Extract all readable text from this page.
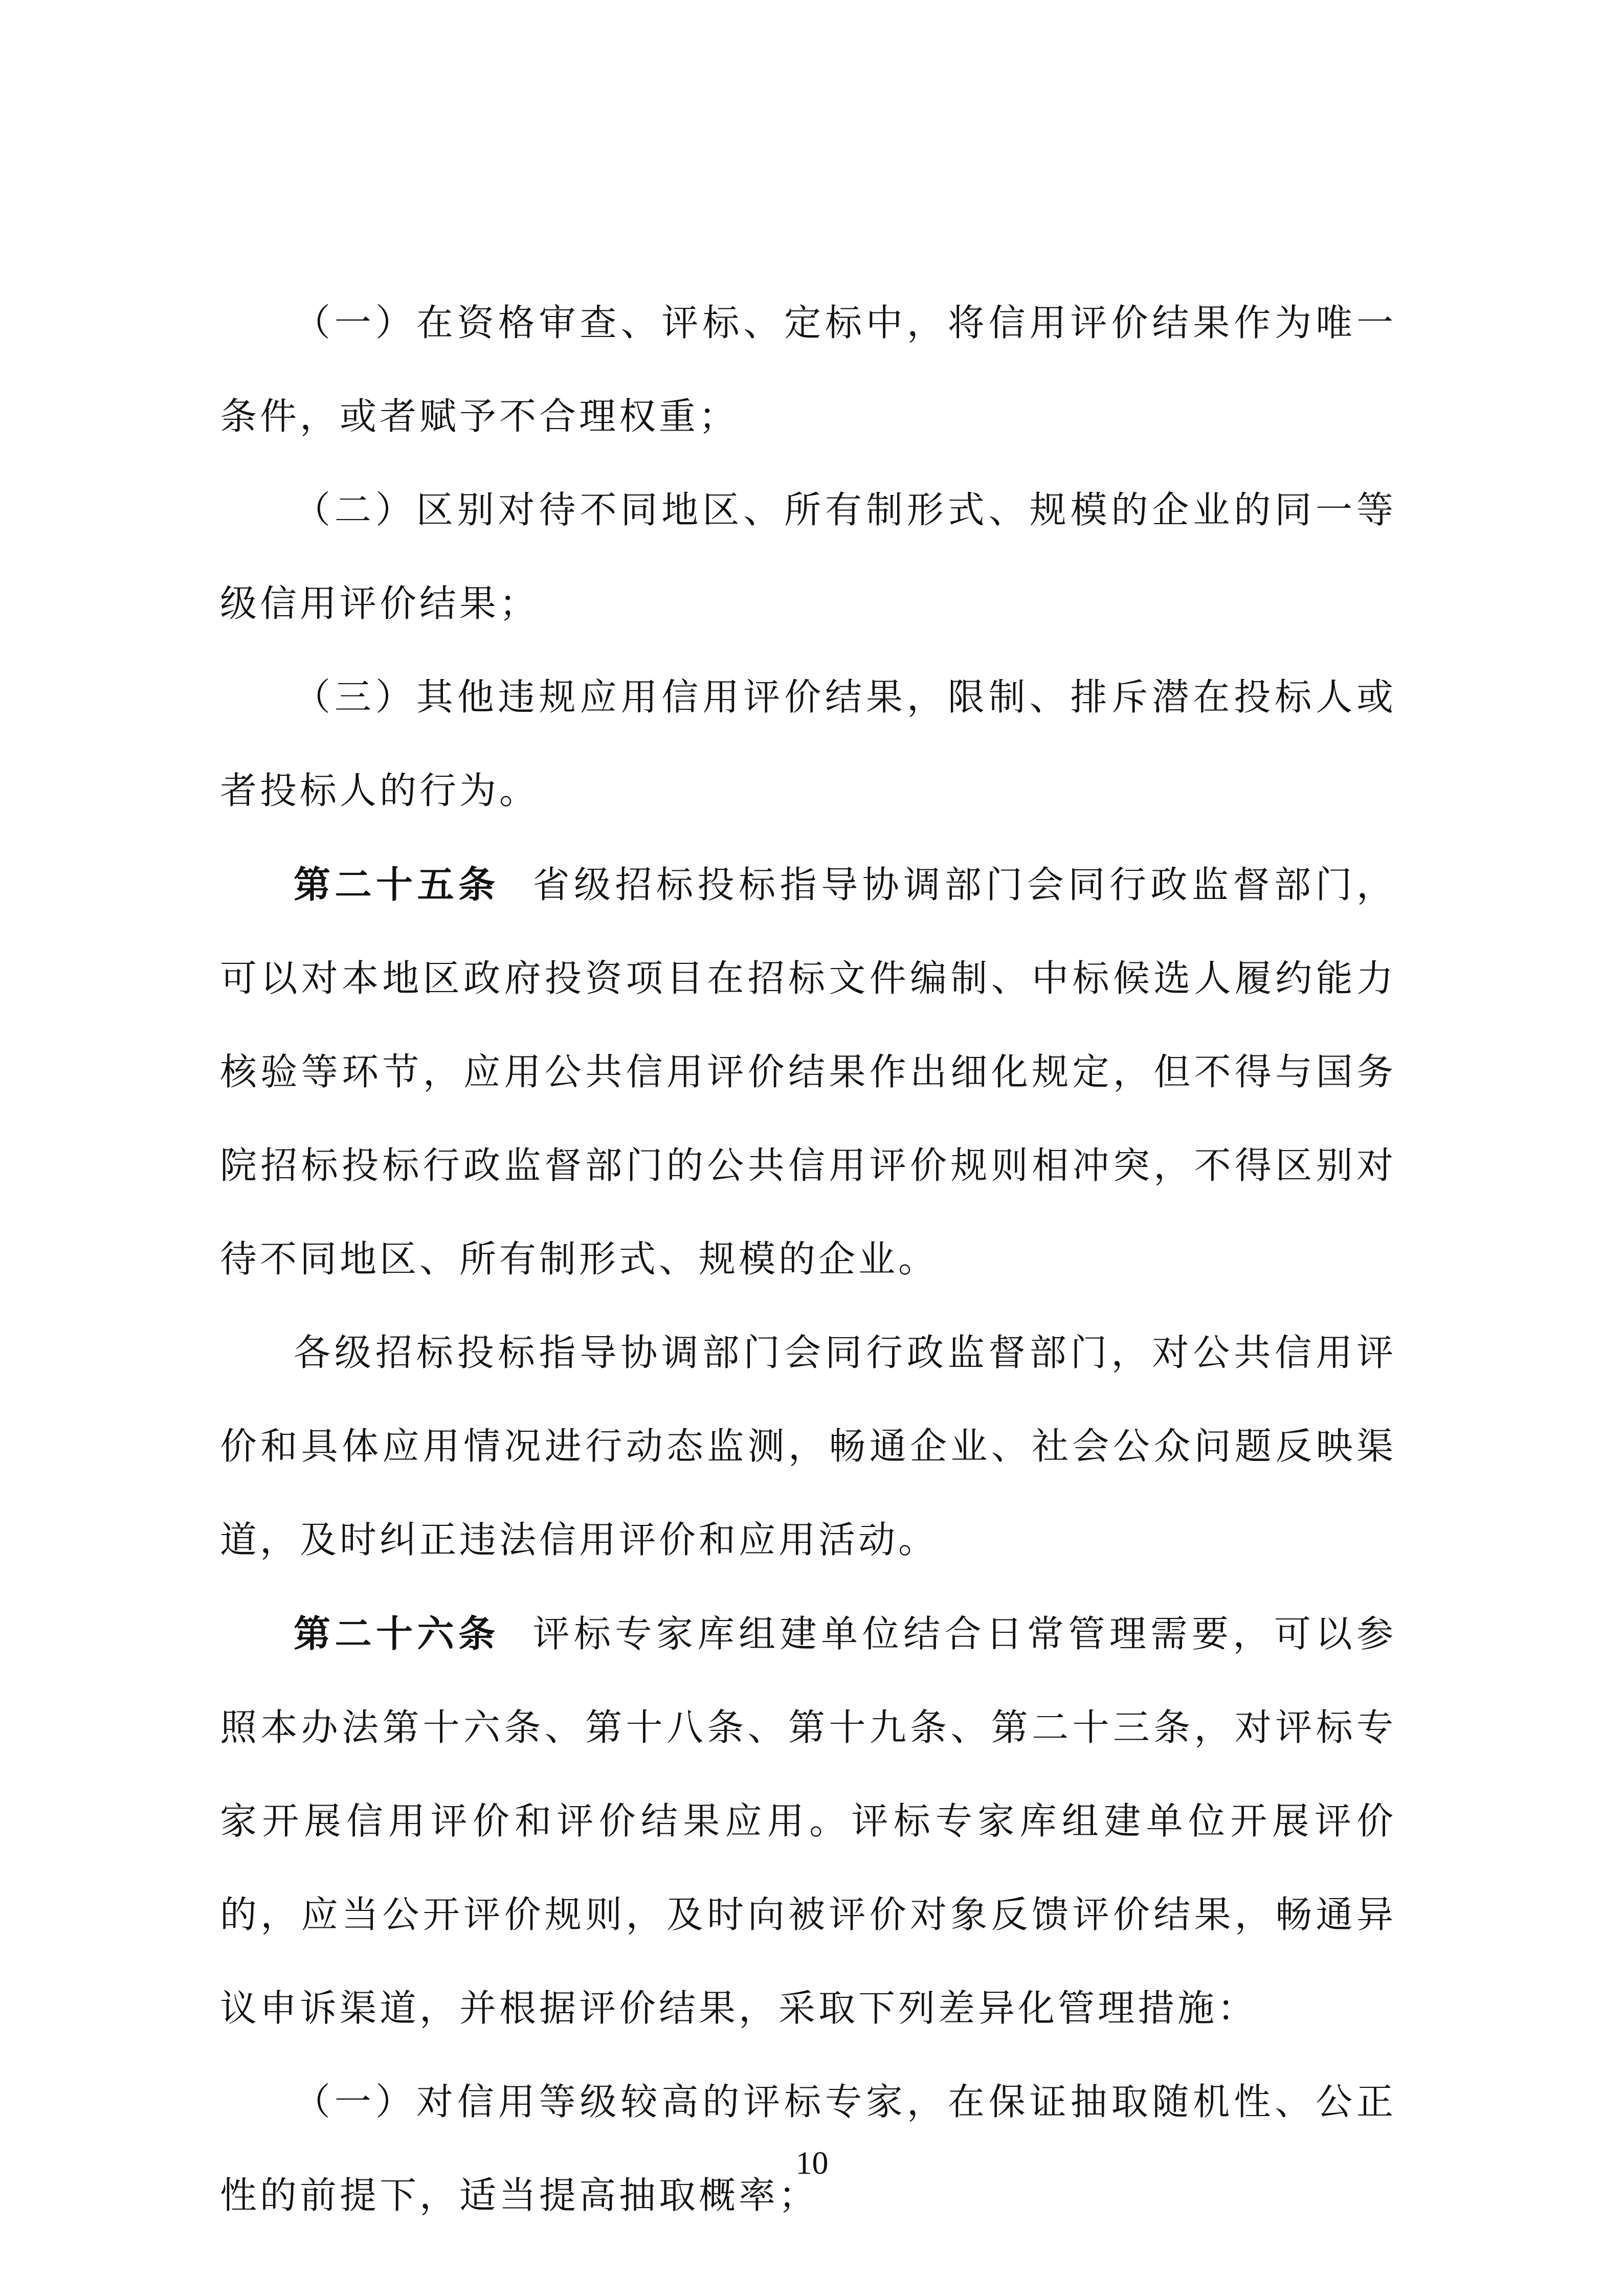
（一）在资格审查、评标、定标中，将信用评价结果作为唯一条件，或者赋予不合理权重；

（二）区别对待不同地区、所有制形式、规模的企业的同一等级信用评价结果；

（三）其他违规应用信用评价结果，限制、排斥潜在投标人或者投标人的行为。

第二十五条 省级招标投标指导协调部门会同行政监督部门，可以对本地区政府投资项目在招标文件编制、中标候选人履约能力核验等环节，应用公共信用评价结果作出细化规定，但不得与国务院招标投标行政监督部门的公共信用评价规则相冲突，不得区别对待不同地区、所有制形式、规模的企业。

各级招标投标指导协调部门会同行政监督部门，对公共信用评价和具体应用情况进行动态监测，畅通企业、社会公众问题反映渠道，及时纠正违法信用评价和应用活动。

第二十六条 评标专家库组建单位结合日常管理需要，可以参照本办法第十六条、第十八条、第十九条、第二十三条，对评标专家开展信用评价和评价结果应用。评标专家库组建单位开展评价的，应当公开评价规则，及时向被评价对象反馈评价结果，畅通异议申诉渠道，并根据评价结果，采取下列差异化管理措施：

（一）对信用等级较高的评标专家，在保证抽取随机性、公正性的前提下，适当提高抽取概率；

10
